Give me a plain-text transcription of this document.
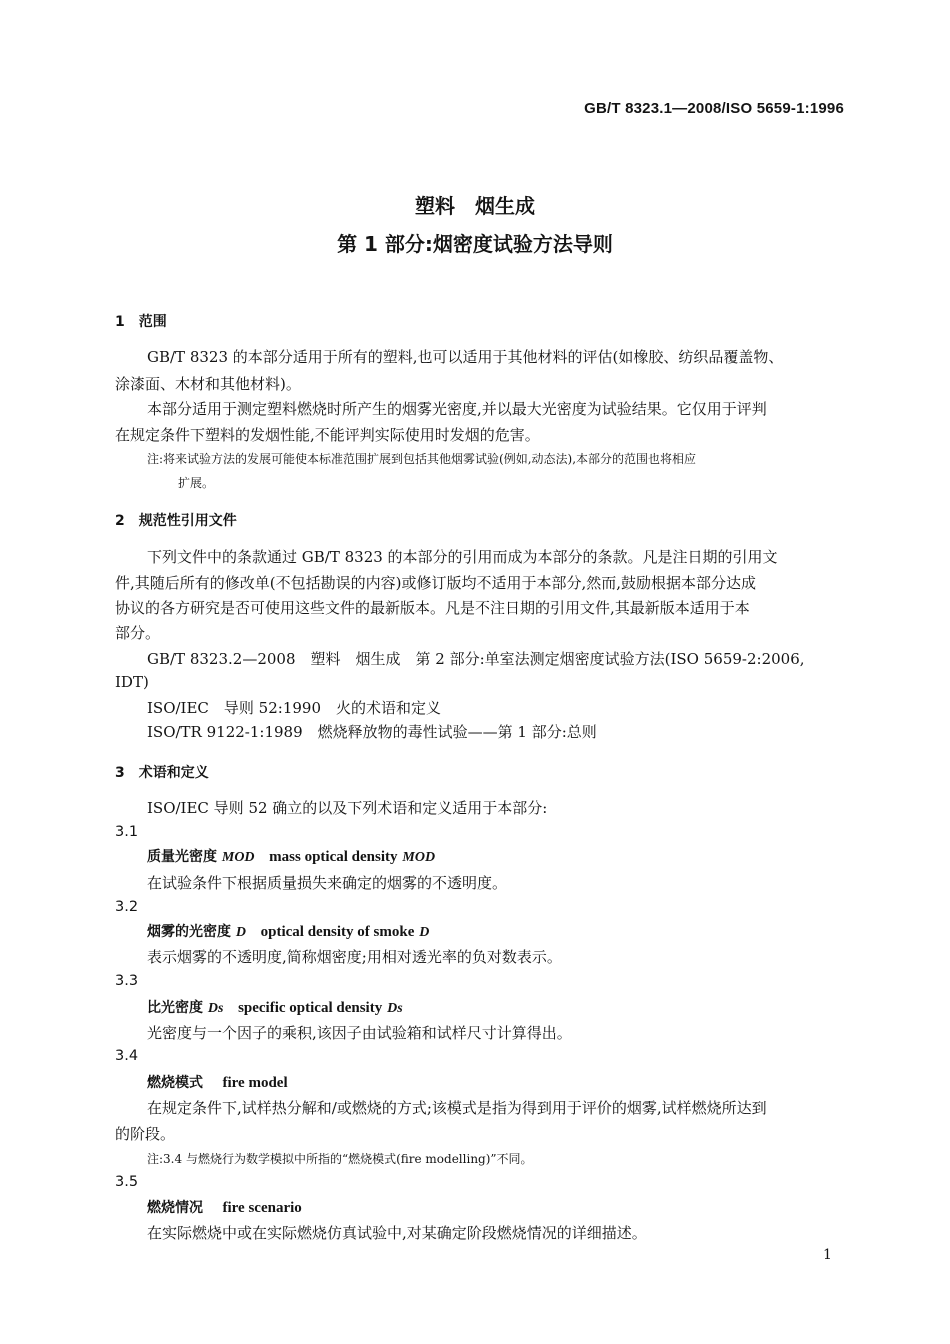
GB/T 8323.1—2008/ISO 5659-1:1996
塑料　烟生成
第 1 部分:烟密度试验方法导则
1　范围
GB/T 8323 的本部分适用于所有的塑料,也可以适用于其他材料的评估(如橡胶、纺织品覆盖物、
涂漆面、木材和其他材料)。
本部分适用于测定塑料燃烧时所产生的烟雾光密度,并以最大光密度为试验结果。它仅用于评判
在规定条件下塑料的发烟性能,不能评判实际使用时发烟的危害。
注:将来试验方法的发展可能使本标准范围扩展到包括其他烟雾试验(例如,动态法),本部分的范围也将相应
扩展。
2　规范性引用文件
下列文件中的条款通过 GB/T 8323 的本部分的引用而成为本部分的条款。凡是注日期的引用文
件,其随后所有的修改单(不包括勘误的内容)或修订版均不适用于本部分,然而,鼓励根据本部分达成
协议的各方研究是否可使用这些文件的最新版本。凡是不注日期的引用文件,其最新版本适用于本
部分。
GB/T 8323.2—2008　塑料　烟生成　第 2 部分:单室法测定烟密度试验方法(ISO 5659-2:2006,
IDT)
ISO/IEC　导则 52:1990　火的术语和定义
ISO/TR 9122-1:1989　燃烧释放物的毒性试验——第 1 部分:总则
3　术语和定义
ISO/IEC 导则 52 确立的以及下列术语和定义适用于本部分:
3.1
质量光密度 MOD mass optical density MOD
在试验条件下根据质量损失来确定的烟雾的不透明度。
3.2
烟雾的光密度 D optical density of smoke D
表示烟雾的不透明度,简称烟密度;用相对透光率的负对数表示。
3.3
比光密度 Ds specific optical density Ds
光密度与一个因子的乘积,该因子由试验箱和试样尺寸计算得出。
3.4
燃烧模式 fire model
在规定条件下,试样热分解和/或燃烧的方式;该模式是指为得到用于评价的烟雾,试样燃烧所达到
的阶段。
注:3.4 与燃烧行为数学模拟中所指的“燃烧模式(fire modelling)”不同。
3.5
燃烧情况 fire scenario
在实际燃烧中或在实际燃烧仿真试验中,对某确定阶段燃烧情况的详细描述。
1
